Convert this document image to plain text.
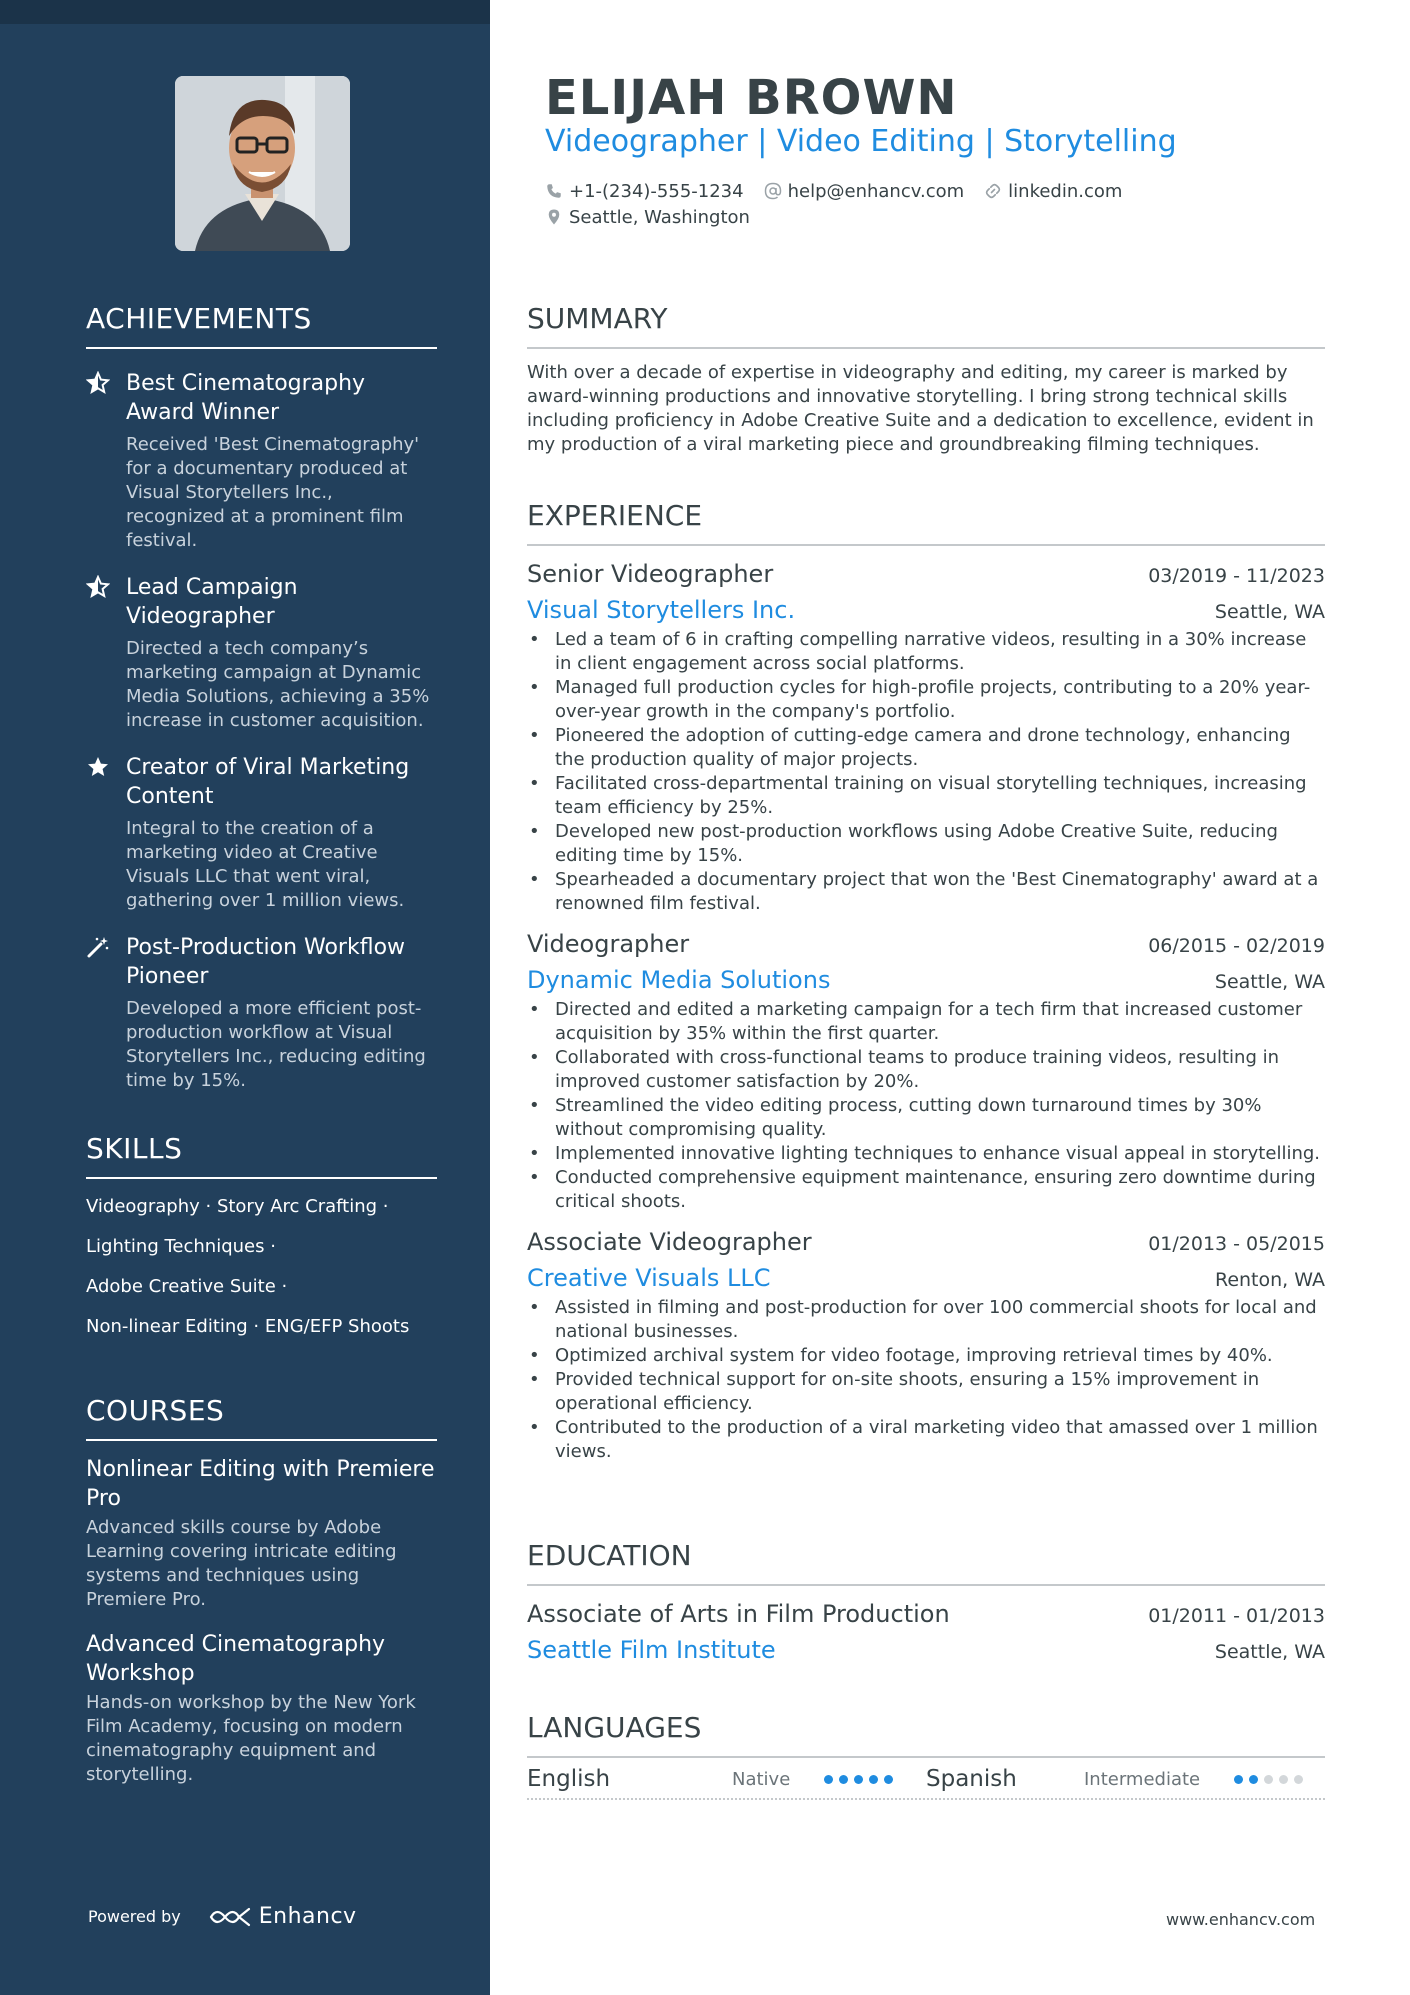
ACHIEVEMENTS
Best Cinematography Award Winner
Received 'Best Cinematography' for a documentary produced at Visual Storytellers Inc., recognized at a prominent film festival.
Lead Campaign Videographer
Directed a tech company’s marketing campaign at Dynamic Media Solutions, achieving a 35% increase in customer acquisition.
Creator of Viral Marketing Content
Integral to the creation of a marketing video at Creative Visuals LLC that went viral, gathering over 1 million views.
Post-Production Workflow Pioneer
Developed a more efficient post-production workflow at Visual Storytellers Inc., reducing editing time by 15%.
SKILLS
Videography · Story Arc Crafting ·
Lighting Techniques ·
Adobe Creative Suite ·
Non-linear Editing · ENG/EFP Shoots
COURSES
Nonlinear Editing with Premiere Pro
Advanced skills course by Adobe Learning covering intricate editing systems and techniques using Premiere Pro.
Advanced Cinematography Workshop
Hands-on workshop by the New York Film Academy, focusing on modern cinematography equipment and storytelling.
Powered by	Enhancv
ELIJAH BROWN
Videographer | Video Editing | Storytelling
+1-(234)-555-1234 help@enhancv.com linkedin.com
Seattle, Washington
SUMMARY
With over a decade of expertise in videography and editing, my career is marked by award-winning productions and innovative storytelling. I bring strong technical skills including proficiency in Adobe Creative Suite and a dedication to excellence, evident in my production of a viral marketing piece and groundbreaking filming techniques.
EXPERIENCE
Senior Videographer	03/2019 - 11/2023
Visual Storytellers Inc.	Seattle, WA
• Led a team of 6 in crafting compelling narrative videos, resulting in a 30% increase in client engagement across social platforms.
• Managed full production cycles for high-profile projects, contributing to a 20% year-over-year growth in the company's portfolio.
• Pioneered the adoption of cutting-edge camera and drone technology, enhancing the production quality of major projects.
• Facilitated cross-departmental training on visual storytelling techniques, increasing team efficiency by 25%.
• Developed new post-production workflows using Adobe Creative Suite, reducing editing time by 15%.
• Spearheaded a documentary project that won the 'Best Cinematography' award at a renowned film festival.
Videographer	06/2015 - 02/2019
Dynamic Media Solutions	Seattle, WA
• Directed and edited a marketing campaign for a tech firm that increased customer acquisition by 35% within the first quarter.
• Collaborated with cross-functional teams to produce training videos, resulting in improved customer satisfaction by 20%.
• Streamlined the video editing process, cutting down turnaround times by 30% without compromising quality.
• Implemented innovative lighting techniques to enhance visual appeal in storytelling.
• Conducted comprehensive equipment maintenance, ensuring zero downtime during critical shoots.
Associate Videographer	01/2013 - 05/2015
Creative Visuals LLC	Renton, WA
• Assisted in filming and post-production for over 100 commercial shoots for local and national businesses.
• Optimized archival system for video footage, improving retrieval times by 40%.
• Provided technical support for on-site shoots, ensuring a 15% improvement in operational efficiency.
• Contributed to the production of a viral marketing video that amassed over 1 million views.
EDUCATION
Associate of Arts in Film Production	01/2011 - 01/2013
Seattle Film Institute	Seattle, WA
LANGUAGES
English	Native	Spanish	Intermediate
www.enhancv.com
